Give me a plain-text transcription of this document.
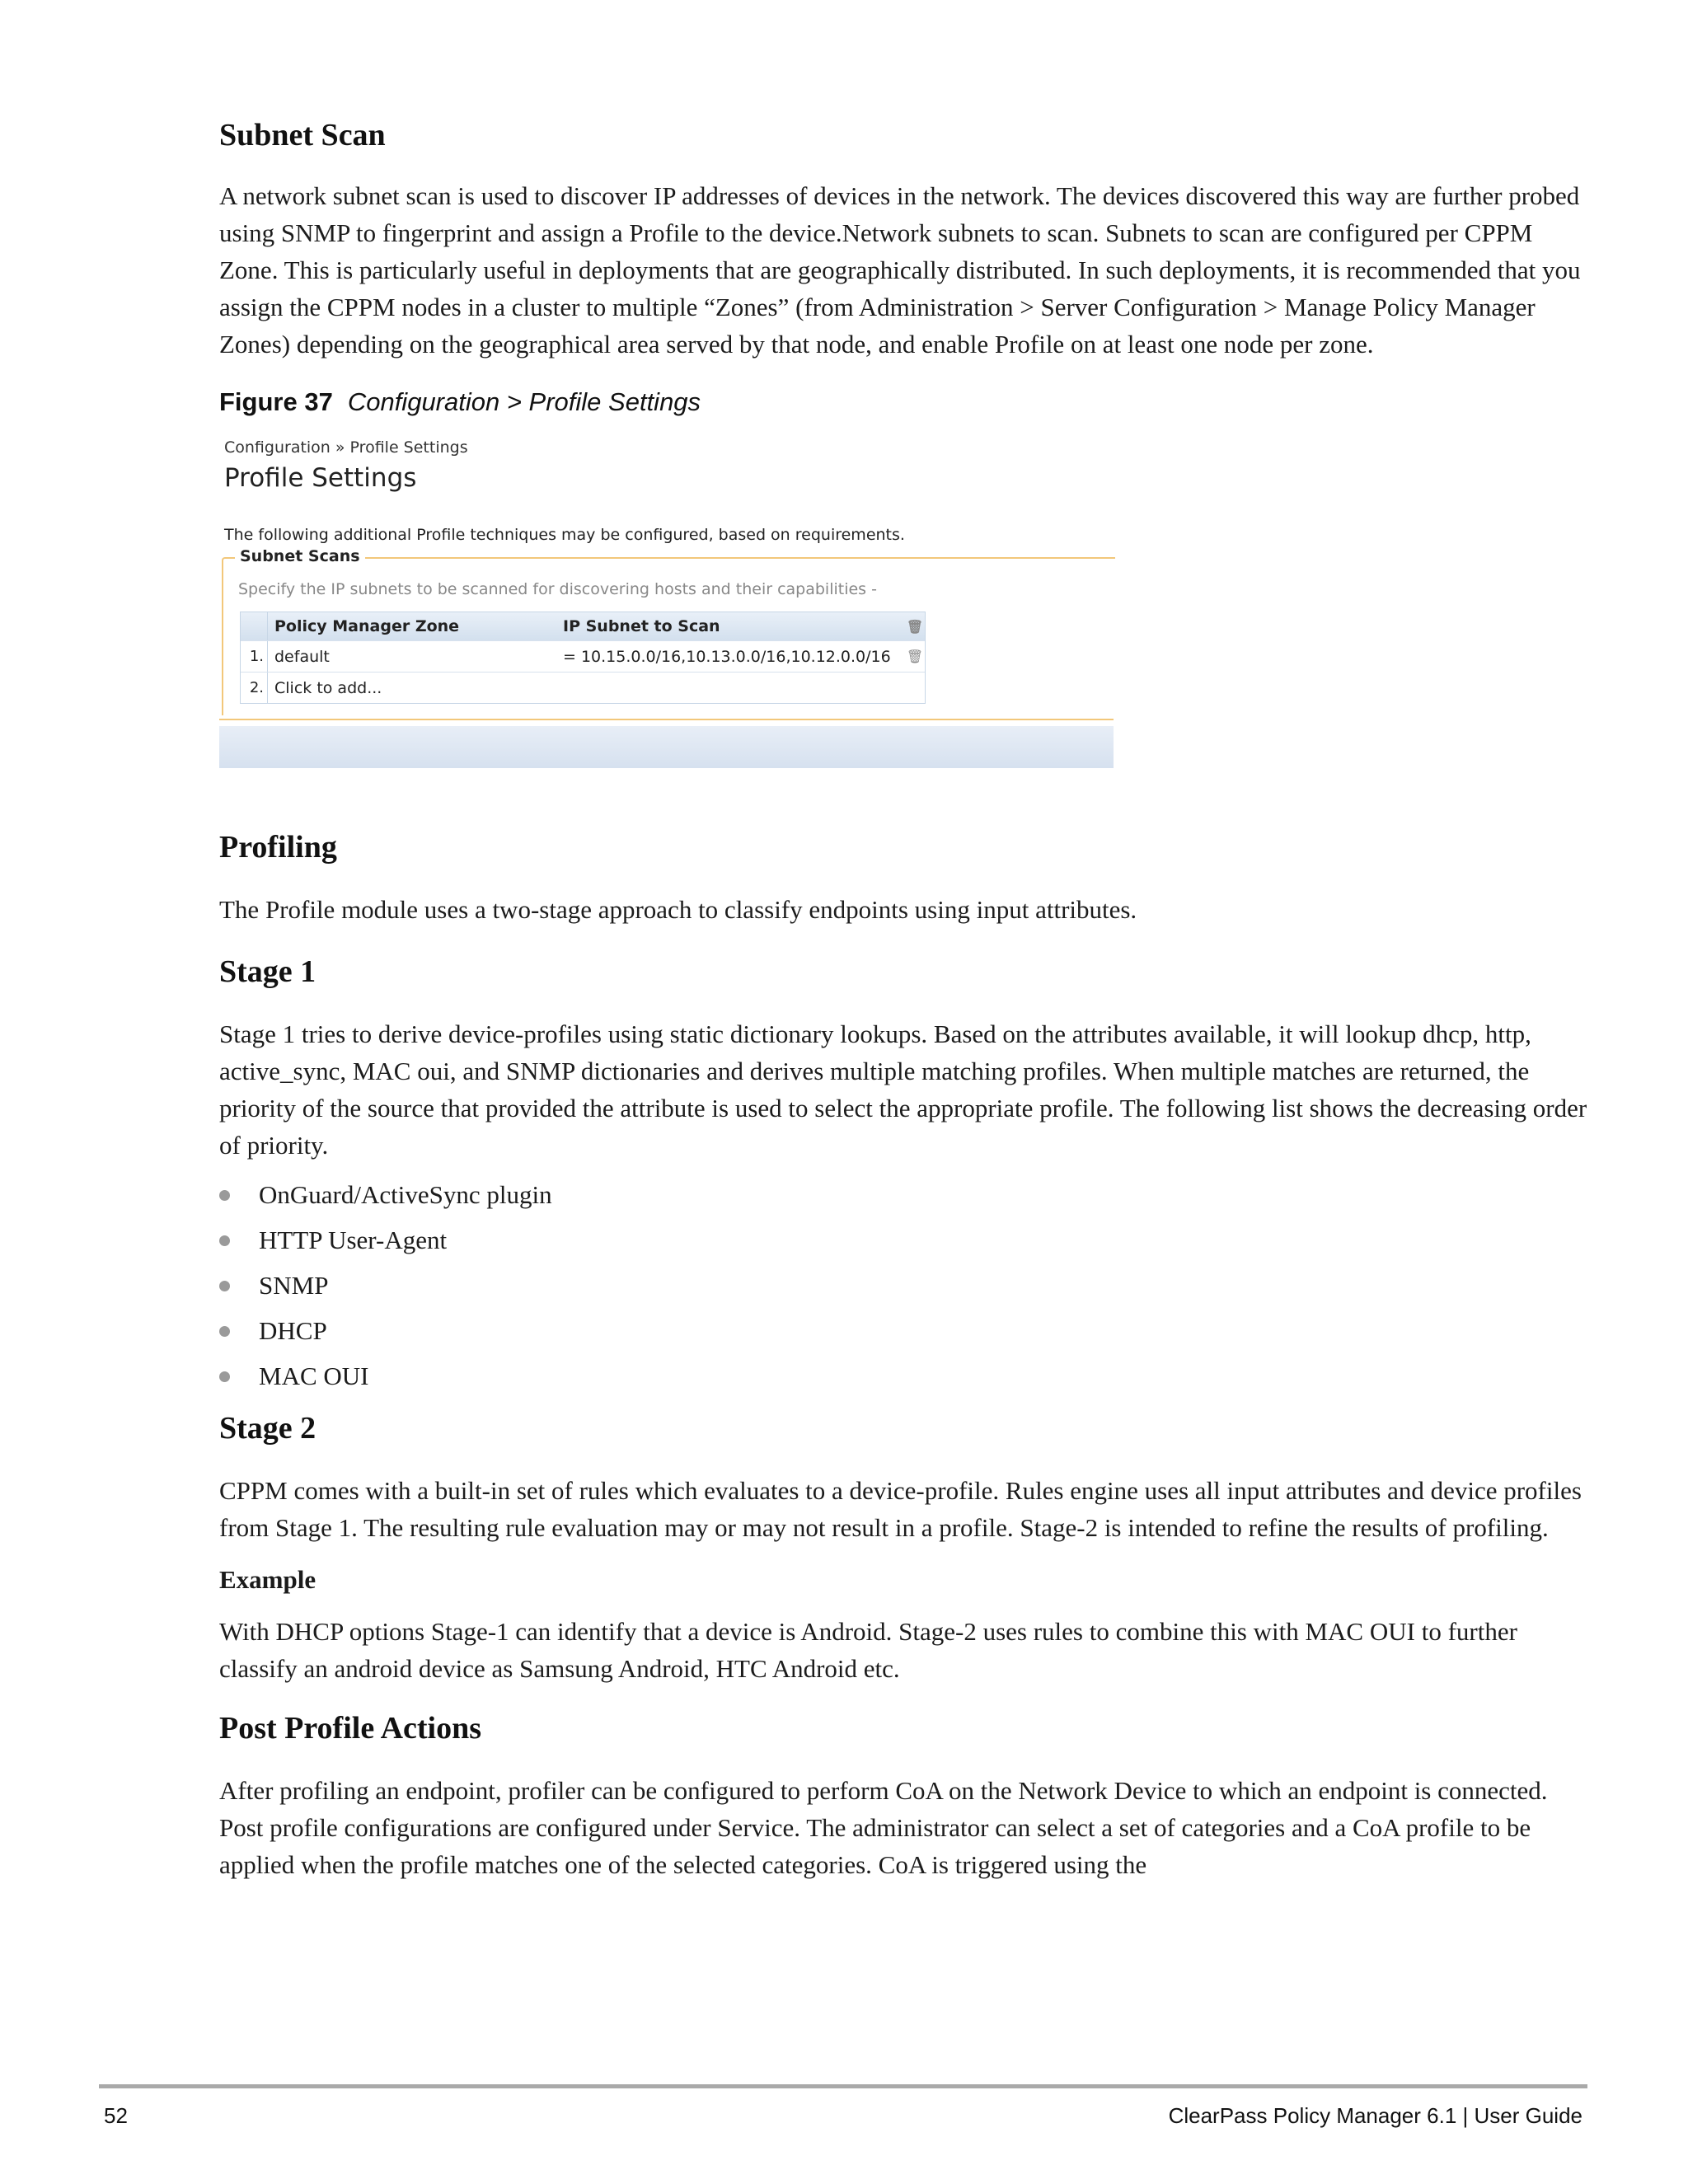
Subnet Scan

A network subnet scan is used to discover IP addresses of devices in the network. The devices discovered this way are further probed using SNMP to fingerprint and assign a Profile to the device.Network subnets to scan. Subnets to scan are configured per CPPM Zone. This is particularly useful in deployments that are geographically distributed. In such deployments, it is recommended that you assign the CPPM nodes in a cluster to multiple “Zones” (from Administration > Server Configuration > Manage Policy Manager Zones) depending on the geographical area served by that node, and enable Profile on at least one node per zone.

Figure 37 Configuration > Profile Settings
Configuration » Profile Settings
Profile Settings
The following additional Profile techniques may be configured, based on requirements.
Subnet Scans
Specify the IP subnets to be scanned for discovering hosts and their capabilities -
Policy Manager Zone	IP Subnet to Scan	🗑
1. default	= 10.15.0.0/16,10.13.0.0/16,10.12.0.0/16	🗑
2. Click to add...
Profiling

The Profile module uses a two-stage approach to classify endpoints using input attributes.

Stage 1

Stage 1 tries to derive device-profiles using static dictionary lookups. Based on the attributes available, it will lookup dhcp, http, active_sync, MAC oui, and SNMP dictionaries and derives multiple matching profiles. When multiple matches are returned, the priority of the source that provided the attribute is used to select the appropriate profile. The following list shows the decreasing order of priority.

OnGuard/ActiveSync plugin
HTTP User-Agent
SNMP
DHCP
MAC OUI
Stage 2

CPPM comes with a built-in set of rules which evaluates to a device-profile. Rules engine uses all input attributes and device profiles from Stage 1. The resulting rule evaluation may or may not result in a profile. Stage-2 is intended to refine the results of profiling.

Example

With DHCP options Stage-1 can identify that a device is Android. Stage-2 uses rules to combine this with MAC OUI to further classify an android device as Samsung Android, HTC Android etc.

Post Profile Actions

After profiling an endpoint, profiler can be configured to perform CoA on the Network Device to which an endpoint is connected. Post profile configurations are configured under Service. The administrator can select a set of categories and a CoA profile to be applied when the profile matches one of the selected categories. CoA is triggered using the

52	ClearPass Policy Manager 6.1 | User Guide
